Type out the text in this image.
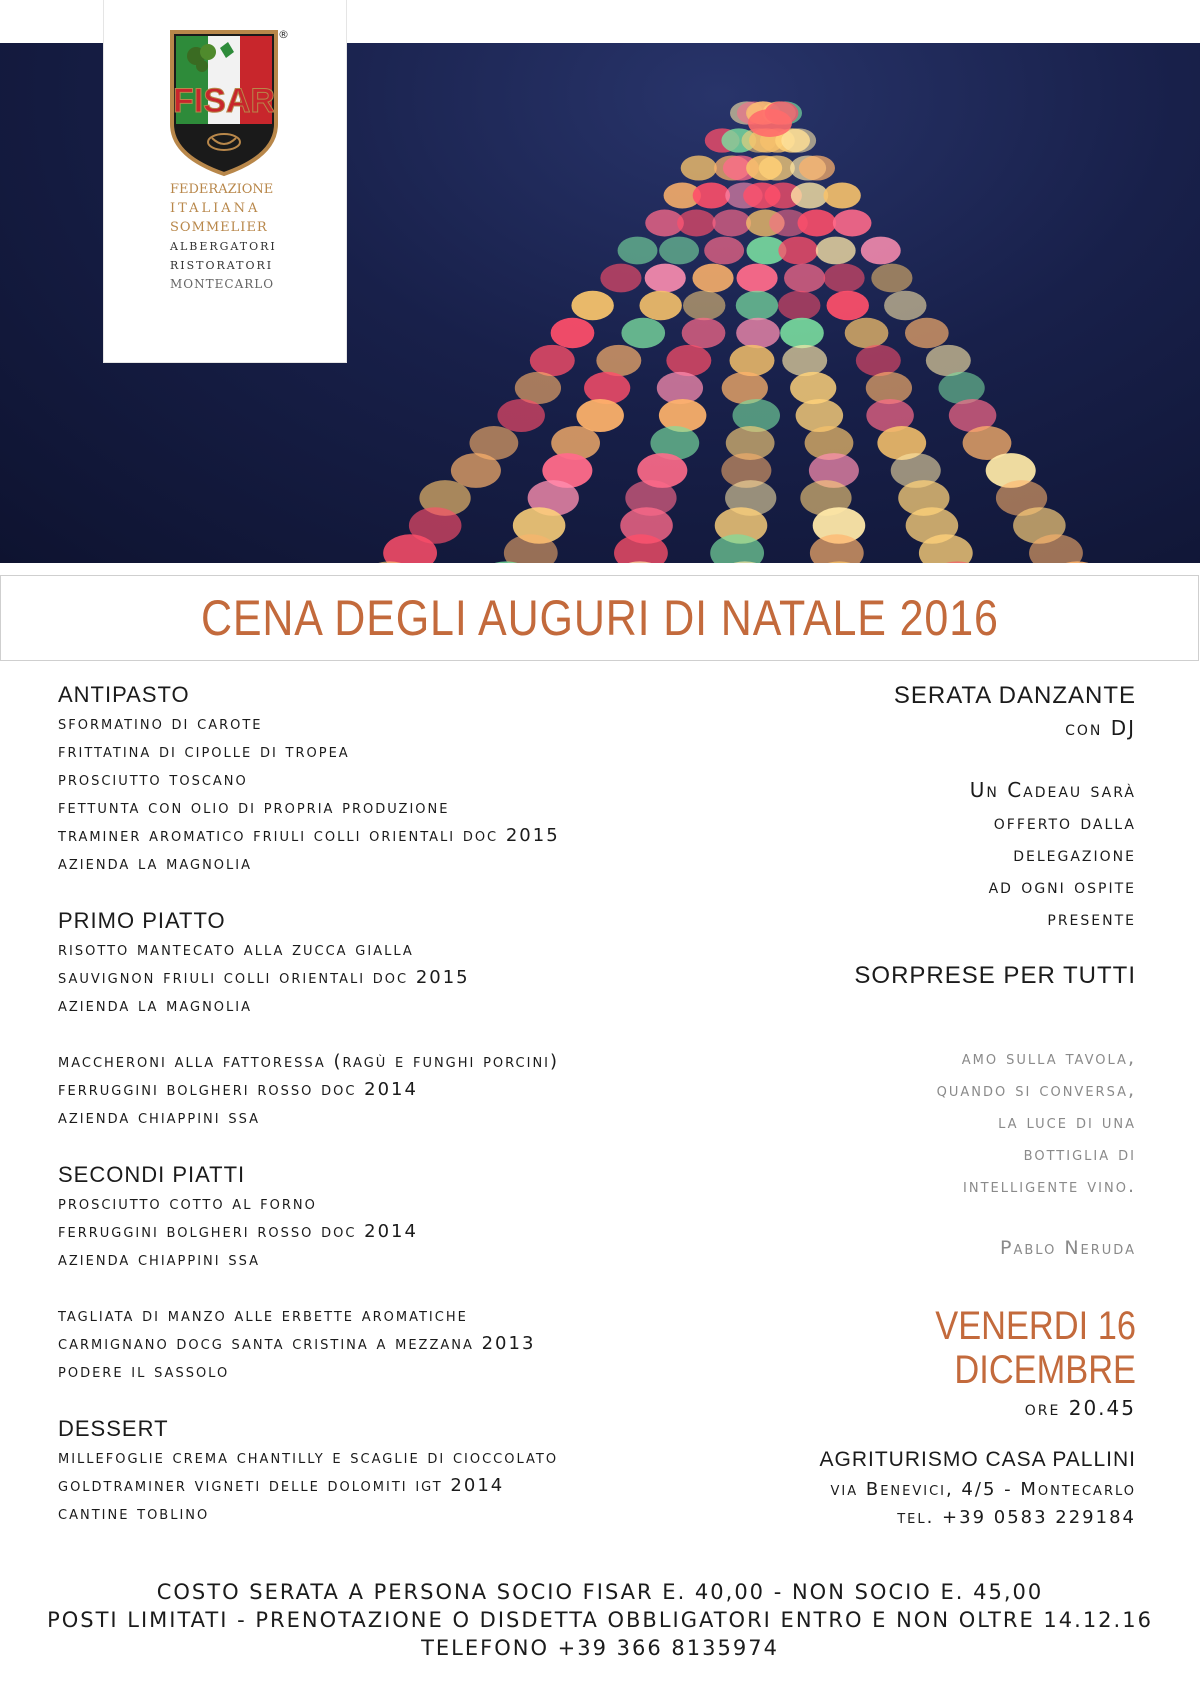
FISAR
®
FEDERAZIONE
ITALIANA
SOMMELIER
ALBERGATORI
RISTORATORI
MONTECARLO
CENA DEGLI AUGURI DI NATALE 2016
ANTIPASTO
sformatino di carote
frittatina di cipolle di tropea
prosciutto toscano
fettunta con olio di propria produzione
traminer aromatico friuli colli orientali doc 2015
azienda la magnolia
PRIMO PIATTO
risotto mantecato alla zucca gialla
sauvignon friuli colli orientali doc 2015
azienda la magnolia
maccheroni alla fattoressa (ragù e funghi porcini)
ferruggini bolgheri rosso doc 2014
azienda chiappini ssa
SECONDI PIATTI
prosciutto cotto al forno
ferruggini bolgheri rosso doc 2014
azienda chiappini ssa
tagliata di manzo alle erbette aromatiche
carmignano docg santa cristina a mezzana 2013
podere il sassolo
DESSERT
millefoglie crema chantilly e scaglie di cioccolato
goldtraminer vigneti delle dolomiti igt 2014
cantine toblino
SERATA DANZANTE
con DJ
Un Cadeau sarà
offerto dalla
delegazione
ad ogni ospite
presente
SORPRESE PER TUTTI
amo sulla tavola,
quando si conversa,
la luce di una
bottiglia di
intelligente vino.
Pablo Neruda
VENERDI 16 DICEMBRE
ore 20.45
AGRITURISMO CASA PALLINI
via Benevici, 4/5 - Montecarlo
tel. +39 0583 229184
COSTO SERATA A PERSONA SOCIO FISAR E. 40,00 - NON SOCIO E. 45,00
POSTI LIMITATI - PRENOTAZIONE O DISDETTA OBBLIGATORI ENTRO E NON OLTRE 14.12.16
TELEFONO +39 366 8135974
